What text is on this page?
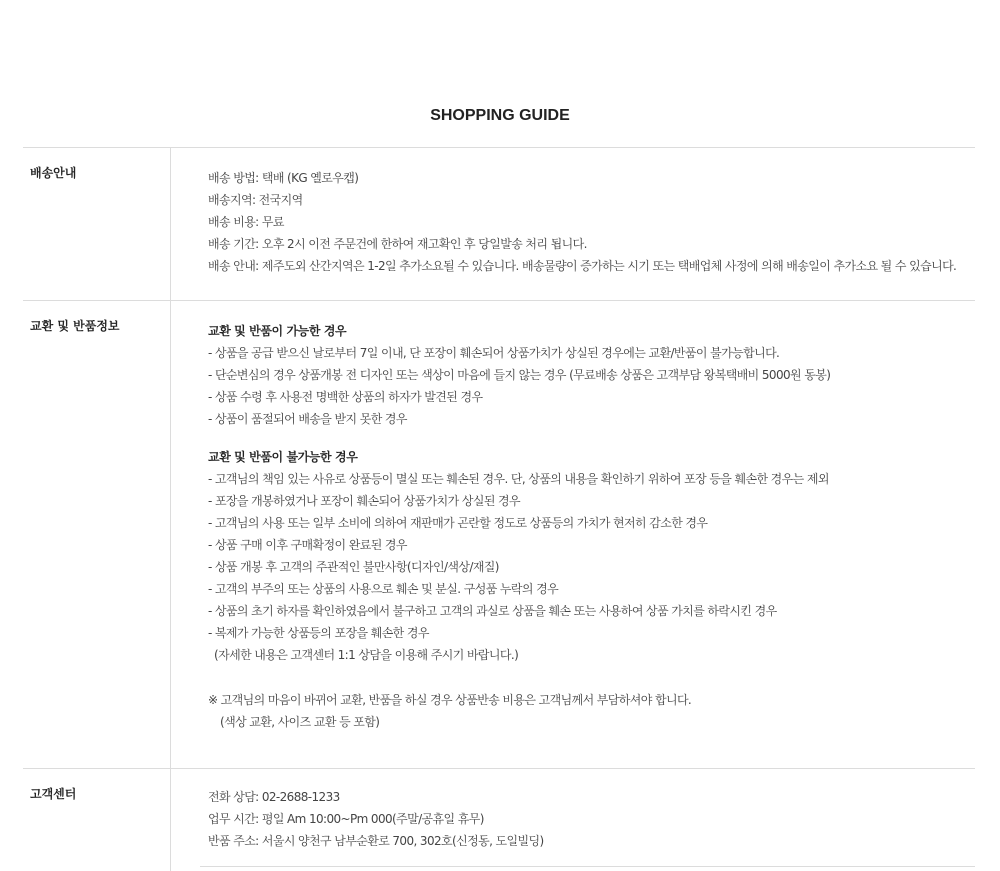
SHOPPING GUIDE
배송안내	배송 방법: 택배 (KG 옐로우캡)
배송지역: 전국지역
배송 비용: 무료
배송 기간: 오후 2시 이전 주문건에 한하여 재고확인 후 당일발송 처리 됩니다.
배송 안내: 제주도외 산간지역은 1-2일 추가소요될 수 있습니다. 배송물량이 증가하는 시기 또는 택배업체 사정에 의해 배송일이 추가소요 될 수 있습니다.
교환 및 반품정보	교환 및 반품이 가능한 경우
- 상품을 공급 받으신 날로부터 7일 이내, 단 포장이 훼손되어 상품가치가 상실된 경우에는 교환/반품이 불가능합니다.
- 단순변심의 경우 상품개봉 전 디자인 또는 색상이 마음에 들지 않는 경우 (무료배송 상품은 고객부담 왕복택배비 5000원 동봉)
- 상품 수령 후 사용전 명백한 상품의 하자가 발견된 경우
- 상품이 품절되어 배송을 받지 못한 경우
교환 및 반품이 불가능한 경우
- 고객님의 책임 있는 사유로 상품등이 멸실 또는 훼손된 경우. 단, 상품의 내용을 확인하기 위하여 포장 등을 훼손한 경우는 제외
- 포장을 개봉하였거나 포장이 훼손되어 상품가치가 상실된 경우
- 고객님의 사용 또는 일부 소비에 의하여 재판매가 곤란할 정도로 상품등의 가치가 현저히 감소한 경우
- 상품 구매 이후 구매확정이 완료된 경우
- 상품 개봉 후 고객의 주관적인 불만사항(디자인/색상/재질)
- 고객의 부주의 또는 상품의 사용으로 훼손 및 분실. 구성품 누락의 경우
- 상품의 초기 하자를 확인하였음에서 불구하고 고객의 과실로 상품을 훼손 또는 사용하여 상품 가치를 하락시킨 경우
- 복제가 가능한 상품등의 포장을 훼손한 경우
(자세한 내용은 고객센터 1:1 상담을 이용해 주시기 바랍니다.)
※ 고객님의 마음이 바뀌어 교환, 반품을 하실 경우 상품반송 비용은 고객님께서 부담하셔야 합니다.
(색상 교환, 사이즈 교환 등 포함)
고객센터	전화 상담: 02-2688-1233
업무 시간: 평일 Am 10:00~Pm 000(주말/공휴일 휴무)
반품 주소: 서울시 양천구 남부순환로 700, 302호(신정동, 도일빌딩)
